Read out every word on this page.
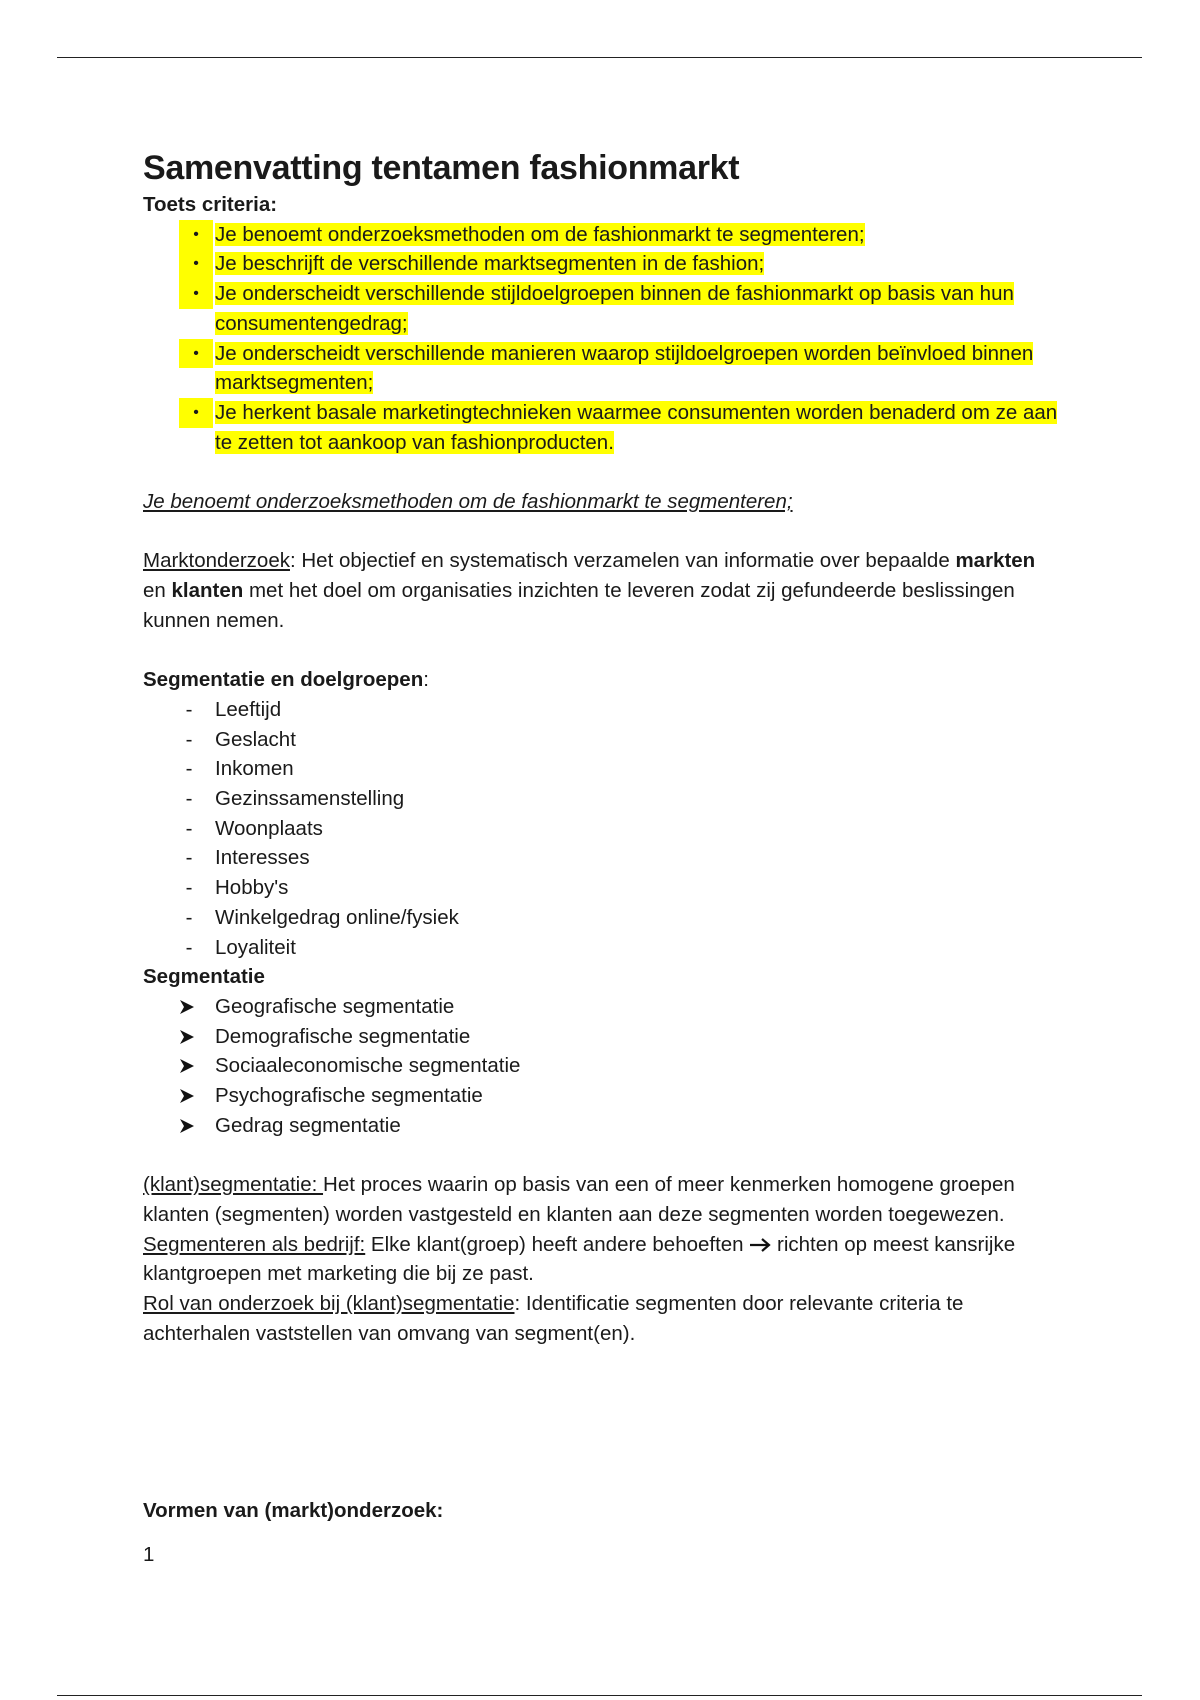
Samenvatting tentamen fashionmarkt

Toets criteria:

• Je benoemt onderzoeksmethoden om de fashionmarkt te segmenteren;
• Je beschrijft de verschillende marktsegmenten in de fashion;
• Je onderscheidt verschillende stijldoelgroepen binnen de fashionmarkt op basis van hun consumentengedrag;
• Je onderscheidt verschillende manieren waarop stijldoelgroepen worden beïnvloed binnen marktsegmenten;
• Je herkent basale marketingtechnieken waarmee consumenten worden benaderd om ze aan te zetten tot aankoop van fashionproducten.

Je benoemt onderzoeksmethoden om de fashionmarkt te segmenteren;

Marktonderzoek: Het objectief en systematisch verzamelen van informatie over bepaalde markten en klanten met het doel om organisaties inzichten te leveren zodat zij gefundeerde beslissingen kunnen nemen.

Segmentatie en doelgroepen:

-	Leeftijd
-	Geslacht
-	Inkomen
-	Gezinssamenstelling
-	Woonplaats
-	Interesses
-	Hobby's
-	Winkelgedrag online/fysiek
-	Loyaliteit

Segmentatie

Geografische segmentatie
Demografische segmentatie
Sociaaleconomische segmentatie
Psychografische segmentatie
Gedrag segmentatie

(klant)segmentatie: Het proces waarin op basis van een of meer kenmerken homogene groepen klanten (segmenten) worden vastgesteld en klanten aan deze segmenten worden toegewezen.

Segmenteren als bedrijf: Elke klant(groep) heeft andere behoeften  richten op meest kansrijke klantgroepen met marketing die bij ze past.

Rol van onderzoek bij (klant)segmentatie: Identificatie segmenten door relevante criteria te achterhalen vaststellen van omvang van segment(en).

Vormen van (markt)onderzoek:

1
